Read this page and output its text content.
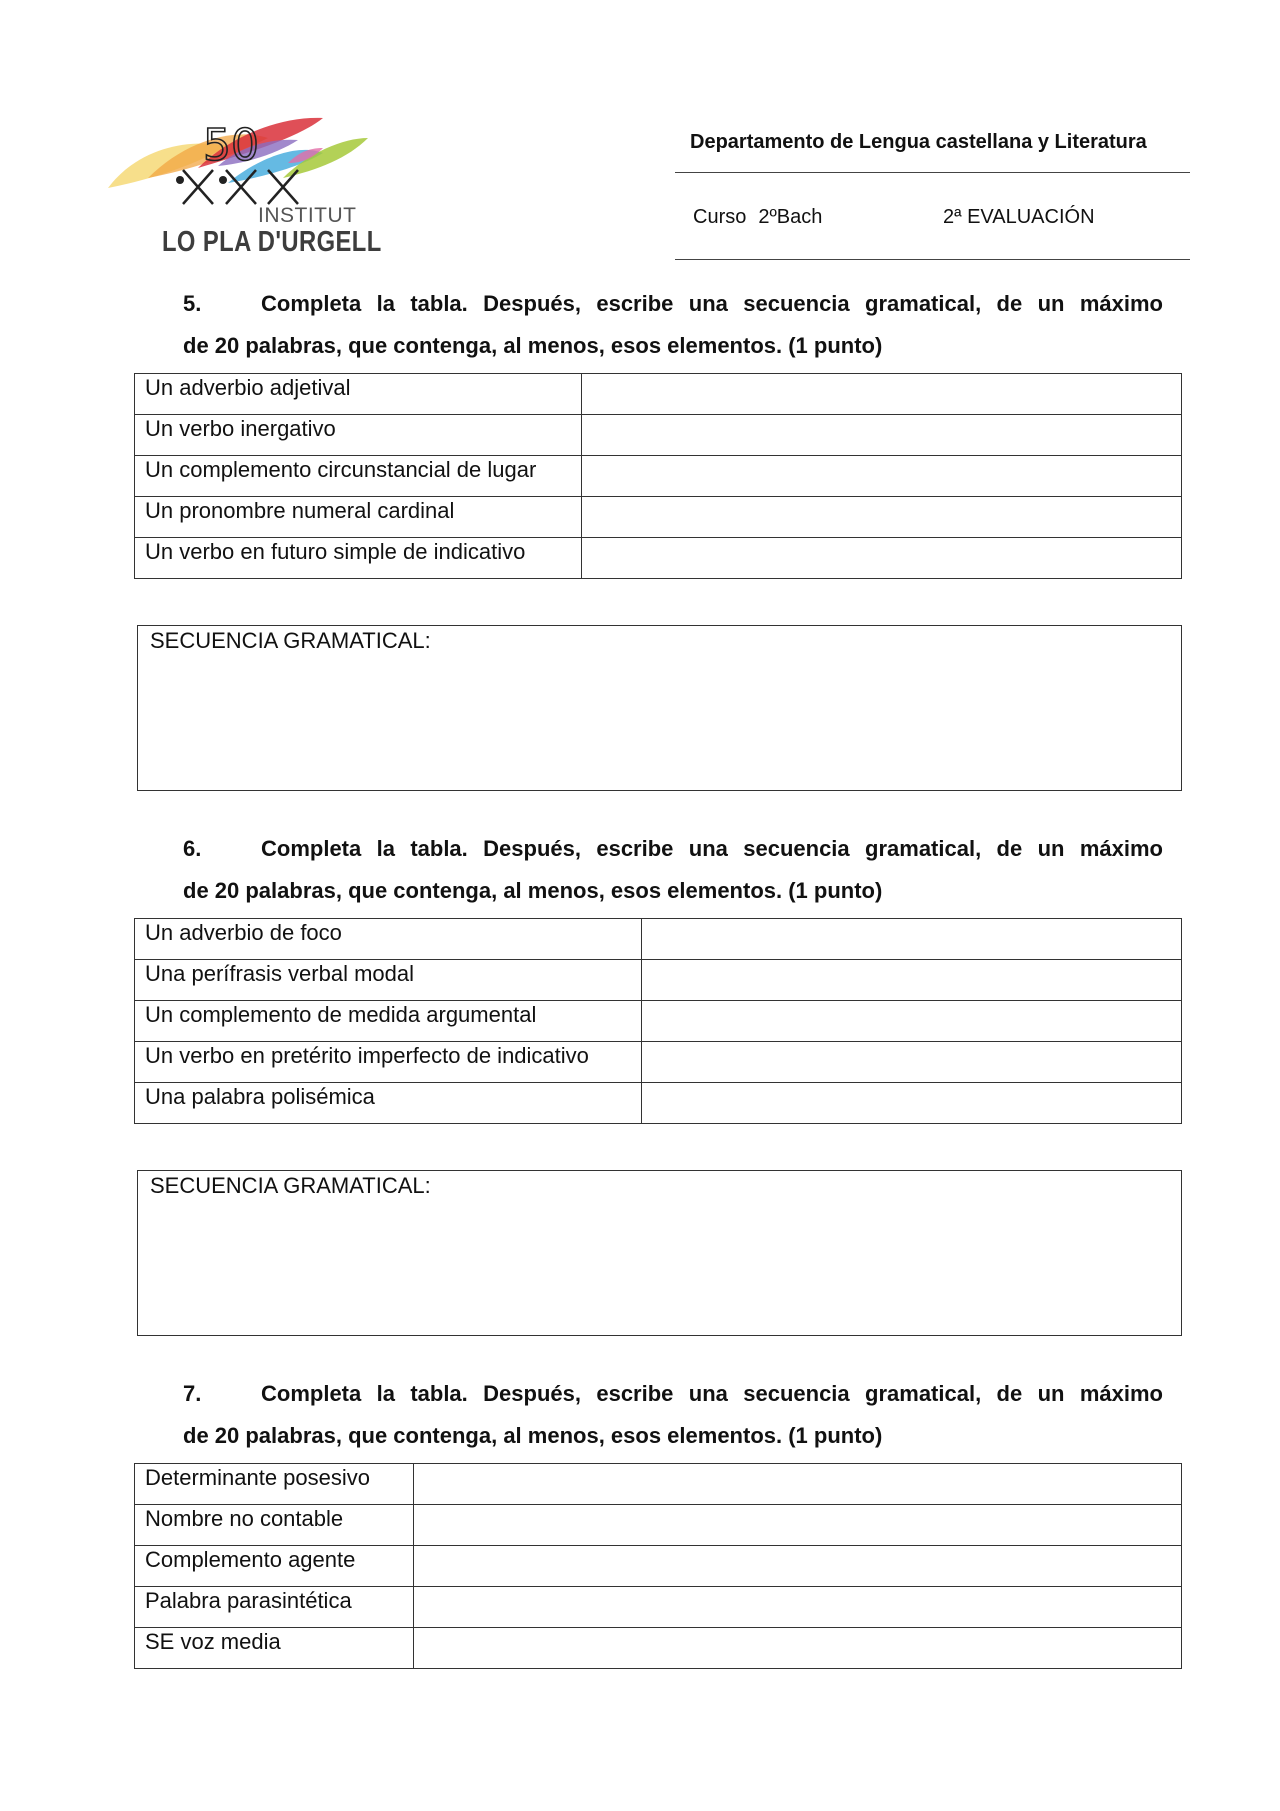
50
INSTITUT
LO PLA D'URGELL
Departamento de Lengua castellana y Literatura
Curso 2ºBach	2ª EVALUACIÓN
5.	Completa la tabla. Después, escribe una secuencia gramatical, de un máximo
de 20 palabras, que contenga, al menos, esos elementos. (1 punto)
Un adverbio adjetival	
Un verbo inergativo	
Un complemento circunstancial de lugar	
Un pronombre numeral cardinal	
Un verbo en futuro simple de indicativo	
SECUENCIA GRAMATICAL:
6.	Completa la tabla. Después, escribe una secuencia gramatical, de un máximo
de 20 palabras, que contenga, al menos, esos elementos. (1 punto)
Un adverbio de foco	
Una perífrasis verbal modal	
Un complemento de medida argumental	
Un verbo en pretérito imperfecto de indicativo	
Una palabra polisémica	
SECUENCIA GRAMATICAL:
7.	Completa la tabla. Después, escribe una secuencia gramatical, de un máximo
de 20 palabras, que contenga, al menos, esos elementos. (1 punto)
Determinante posesivo	
Nombre no contable	
Complemento agente	
Palabra parasintética	
SE voz media	
